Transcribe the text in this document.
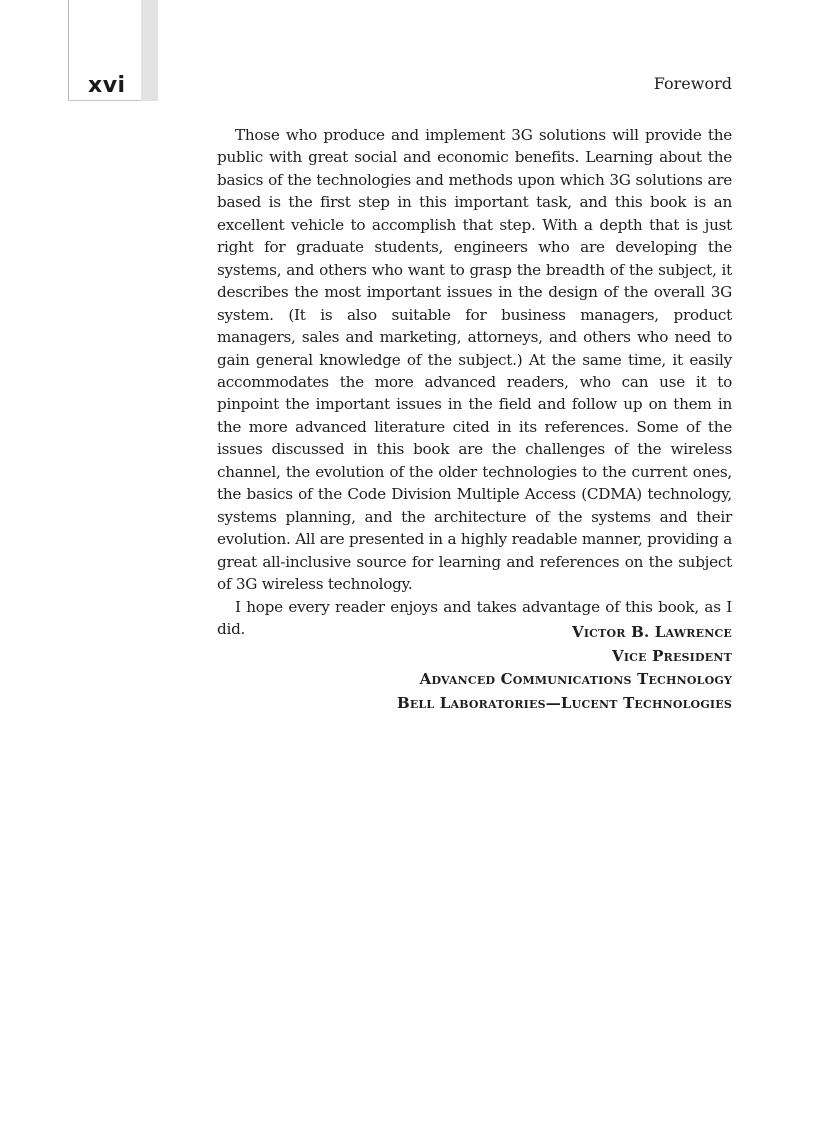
xvi	Foreword

Those who produce and implement 3G solutions will provide the public with great social and economic benefits. Learning about the basics of the technologies and methods upon which 3G solutions are based is the first step in this important task, and this book is an excellent vehicle to accomplish that step. With a depth that is just right for graduate students, engineers who are developing the systems, and others who want to grasp the breadth of the subject, it describes the most important issues in the design of the overall 3G system. (It is also suitable for business managers, product managers, sales and marketing, attorneys, and others who need to gain general knowledge of the subject.) At the same time, it easily accommodates the more advanced readers, who can use it to pinpoint the important issues in the field and follow up on them in the more advanced literature cited in its references. Some of the issues discussed in this book are the challenges of the wireless channel, the evolution of the older technologies to the current ones, the basics of the Code Division Multiple Access (CDMA) technology, systems planning, and the architecture of the systems and their evolution. All are presented in a highly readable manner, providing a great all-inclusive source for learning and references on the subject of 3G wireless technology.

I hope every reader enjoys and takes advantage of this book, as I did.	Victor B. Lawrence
Vice President
Advanced Communications Technology
Bell Laboratories—Lucent Technologies
